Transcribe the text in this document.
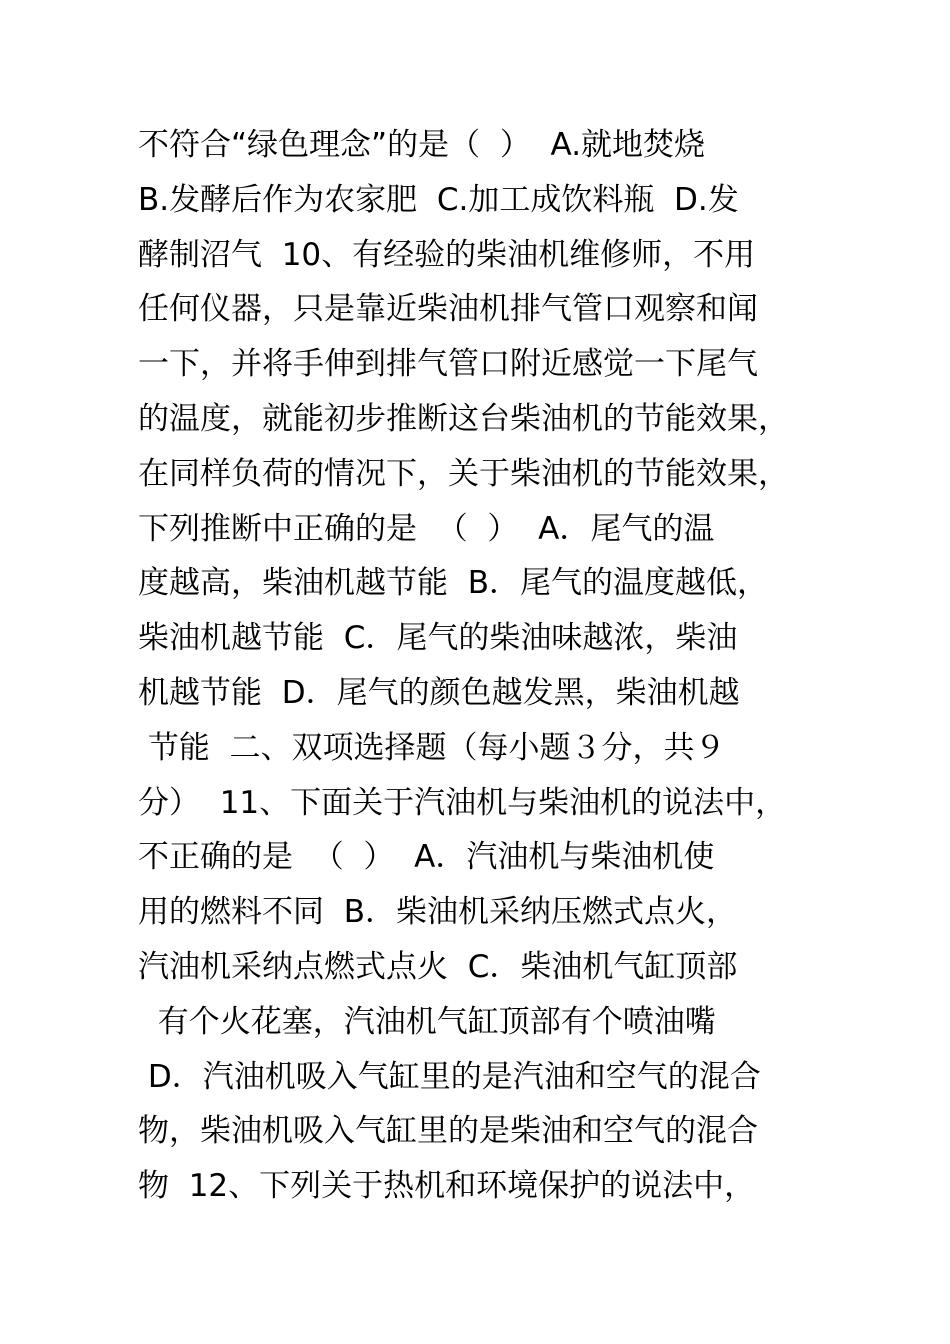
不符合“绿色理念”的是（  ）  A.就地焚烧
B.发酵后作为农家肥  C.加工成饮料瓶  D.发
酵制沼气  10、有经验的柴油机维修师，不用
任何仪器，只是靠近柴油机排气管口观察和闻
一下，并将手伸到排气管口附近感觉一下尾气
的温度，就能初步推断这台柴油机的节能效果，
在同样负荷的情况下，关于柴油机的节能效果，
下列推断中正确的是  （  ）  A．尾气的温
度越高，柴油机越节能  B．尾气的温度越低，
柴油机越节能  C．尾气的柴油味越浓，柴油
机越节能  D．尾气的颜色越发黑，柴油机越
节能  二、双项选择题（每小题３分，共９
分）  11、下面关于汽油机与柴油机的说法中，
不正确的是  （  ）  A．汽油机与柴油机使
用的燃料不同  B．柴油机采纳压燃式点火，
汽油机采纳点燃式点火  C．柴油机气缸顶部
有个火花塞，汽油机气缸顶部有个喷油嘴
D．汽油机吸入气缸里的是汽油和空气的混合
物，柴油机吸入气缸里的是柴油和空气的混合
物  12、下列关于热机和环境保护的说法中，
